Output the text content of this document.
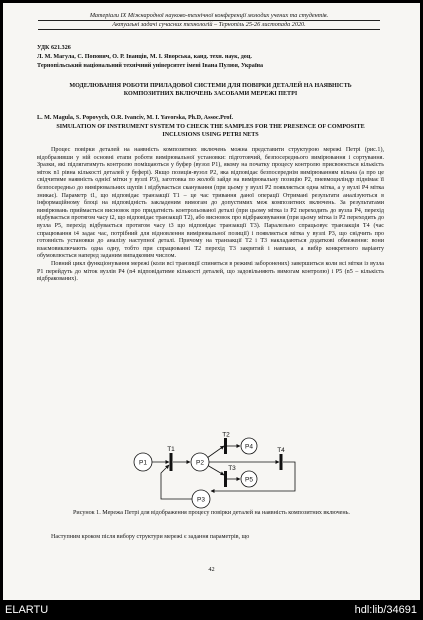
Матеріали IX Міжнародної науково-технічної конференції молодих учених та студентів.
Актуальні задачі сучасних технологій – Тернопіль 25-26 листопада 2020.
УДК 621.326
Л. М. Магула, С. Попович, О. Р. Іванців, М. І. Яворська, канд. техн. наук, доц.
Тернопільський національний технічний університет імені Івана Пулюя, Україна
МОДЕЛЮВАННЯ РОБОТИ ПРИЛАДОВОЇ СИСТЕМИ ДЛЯ ПОВІРКИ ДЕТАЛЕЙ НА НАЯВНІСТЬ КОМПОЗИТНИХ ВКЛЮЧЕНЬ ЗАСОБАМИ МЕРЕЖІ ПЕТРІ
L. M. Magula, S. Popovych, O.R. Ivanciv, M. I. Yavorska, Ph.D, Assoc.Prof.
SIMULATION OF INSTRUMENT SYSTEM TO CHECK THE SAMPLES FOR THE PRESENCE OF COMPOSITE INCLUSIONS USING PETRI NETS

Процес повірки деталей на наявність композитних включень можна представити структурою мережі Петрі (рис.1), відобразивши у ній основні етапи роботи вимірювальної установки: підготовчий, безпосереднього вимірювання і сортування. Зразки, які підлягатимуть контролю поміщаються у буфер (вузол Р1), якому на початку процесу контролю присвоюється кількість міток n1 рівна кількості деталей у буфері). Якщо позиція-вузол Р2, яка відповідає безпосереднім вимірюванням вільна (а про це свідчитиме наявність однієї мітки у вузлі Р3), заготовка по жолобі зайде на вимірювальну позицію Р2, пневмоциліндр піднімає її безпосередньо до вимірювальних щупів і відбувається сканування (при цьому у вузлі Р2 появляється одна мітка, а у вузлі Р4 мітка зникає). Параметр t1, що відповідає транзакції Т1 – це час тривання даної операції Отримані результати аналізуються в інформаційному блоці на відповідність закладеним вимогам до допустимих меж композитних включень. За результатами вимірювань приймається висновок про придатність контрольованої деталі (при цьому мітка із Р2 переходить до вузла Р4, перехід відбувається протягом часу t2, що відповідає транзакції Т2), або висновок про відбраковування (при цьому мітка із Р2 переходить до вузла Р5, перехід відбувається протягом часу t3 що відповідає транзакції Т3). Паралельно спрацьовує транзакція Т4 (час спрацювання t4 задає час, потрібний для відновлення вимірювальної позиції) і появляється мітка у вузлі Р3, що свідчить про готовність установки до аналізу наступної деталі. Причому на транзакції Т2 і Т3 накладаються додаткові обмеження: вони взаємовиключають одна одну, тобто при спрацюванні Т2 перехід Т3 закритий і навпаки, а вибір конкретного варіанту обумовлюється наперед заданим випадковим числом.

Повний цикл функціонування мережі (коли всі транзиції спиняться в режимі заборонених) завершиться коли всі мітки із вузла Р1 перейдуть до міток вузлів Р4 (n4 відповідатиме кількості деталей, що задовільняють вимогам контролю) і Р5 (n5 – кількість відбракованих).

P1	P2
P3
P4
P5
T1
T2
T3
T4
Рисунок 1. Мережа Петрі для відображення процесу повірки деталей на наявність композитних включень.

Наступним кроком після вибору структури мережі є задання параметрів, що

42
ELARTU	hdl:lib/34691
